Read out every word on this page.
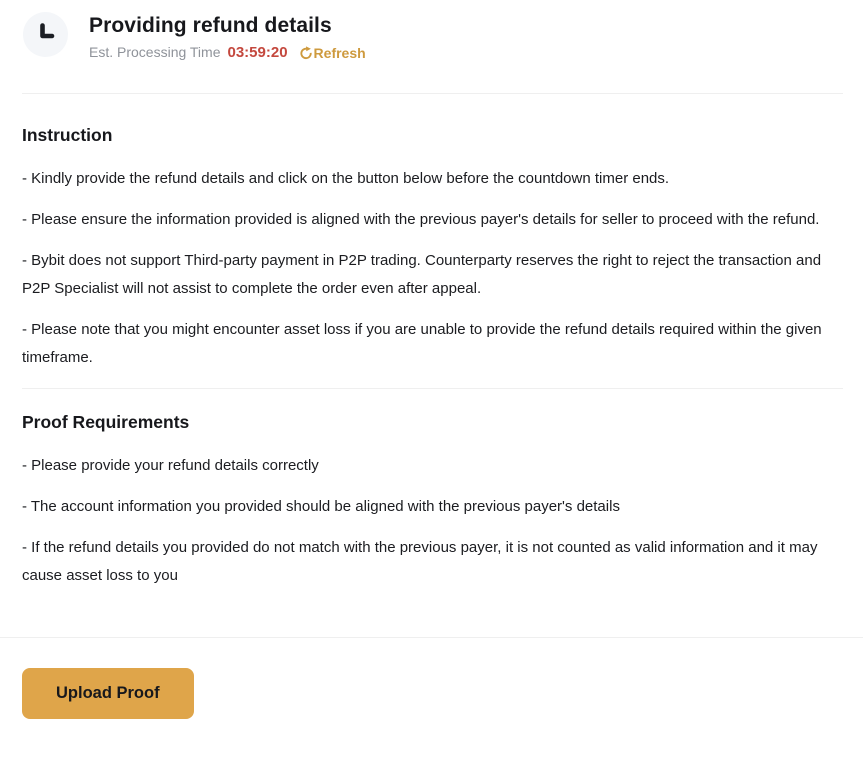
Providing refund details
Est. Processing Time 03:59:20 Refresh
Instruction

- Kindly provide the refund details and click on the button below before the countdown timer ends.

- Please ensure the information provided is aligned with the previous payer's details for seller to proceed with the refund.

- Bybit does not support Third-party payment in P2P trading. Counterparty reserves the right to reject the transaction and P2P Specialist will not assist to complete the order even after appeal.

- Please note that you might encounter asset loss if you are unable to provide the refund details required within the given timeframe.

Proof Requirements

- Please provide your refund details correctly

- The account information you provided should be aligned with the previous payer's details

- If the refund details you provided do not match with the previous payer, it is not counted as valid information and it may cause asset loss to you

Upload Proof
